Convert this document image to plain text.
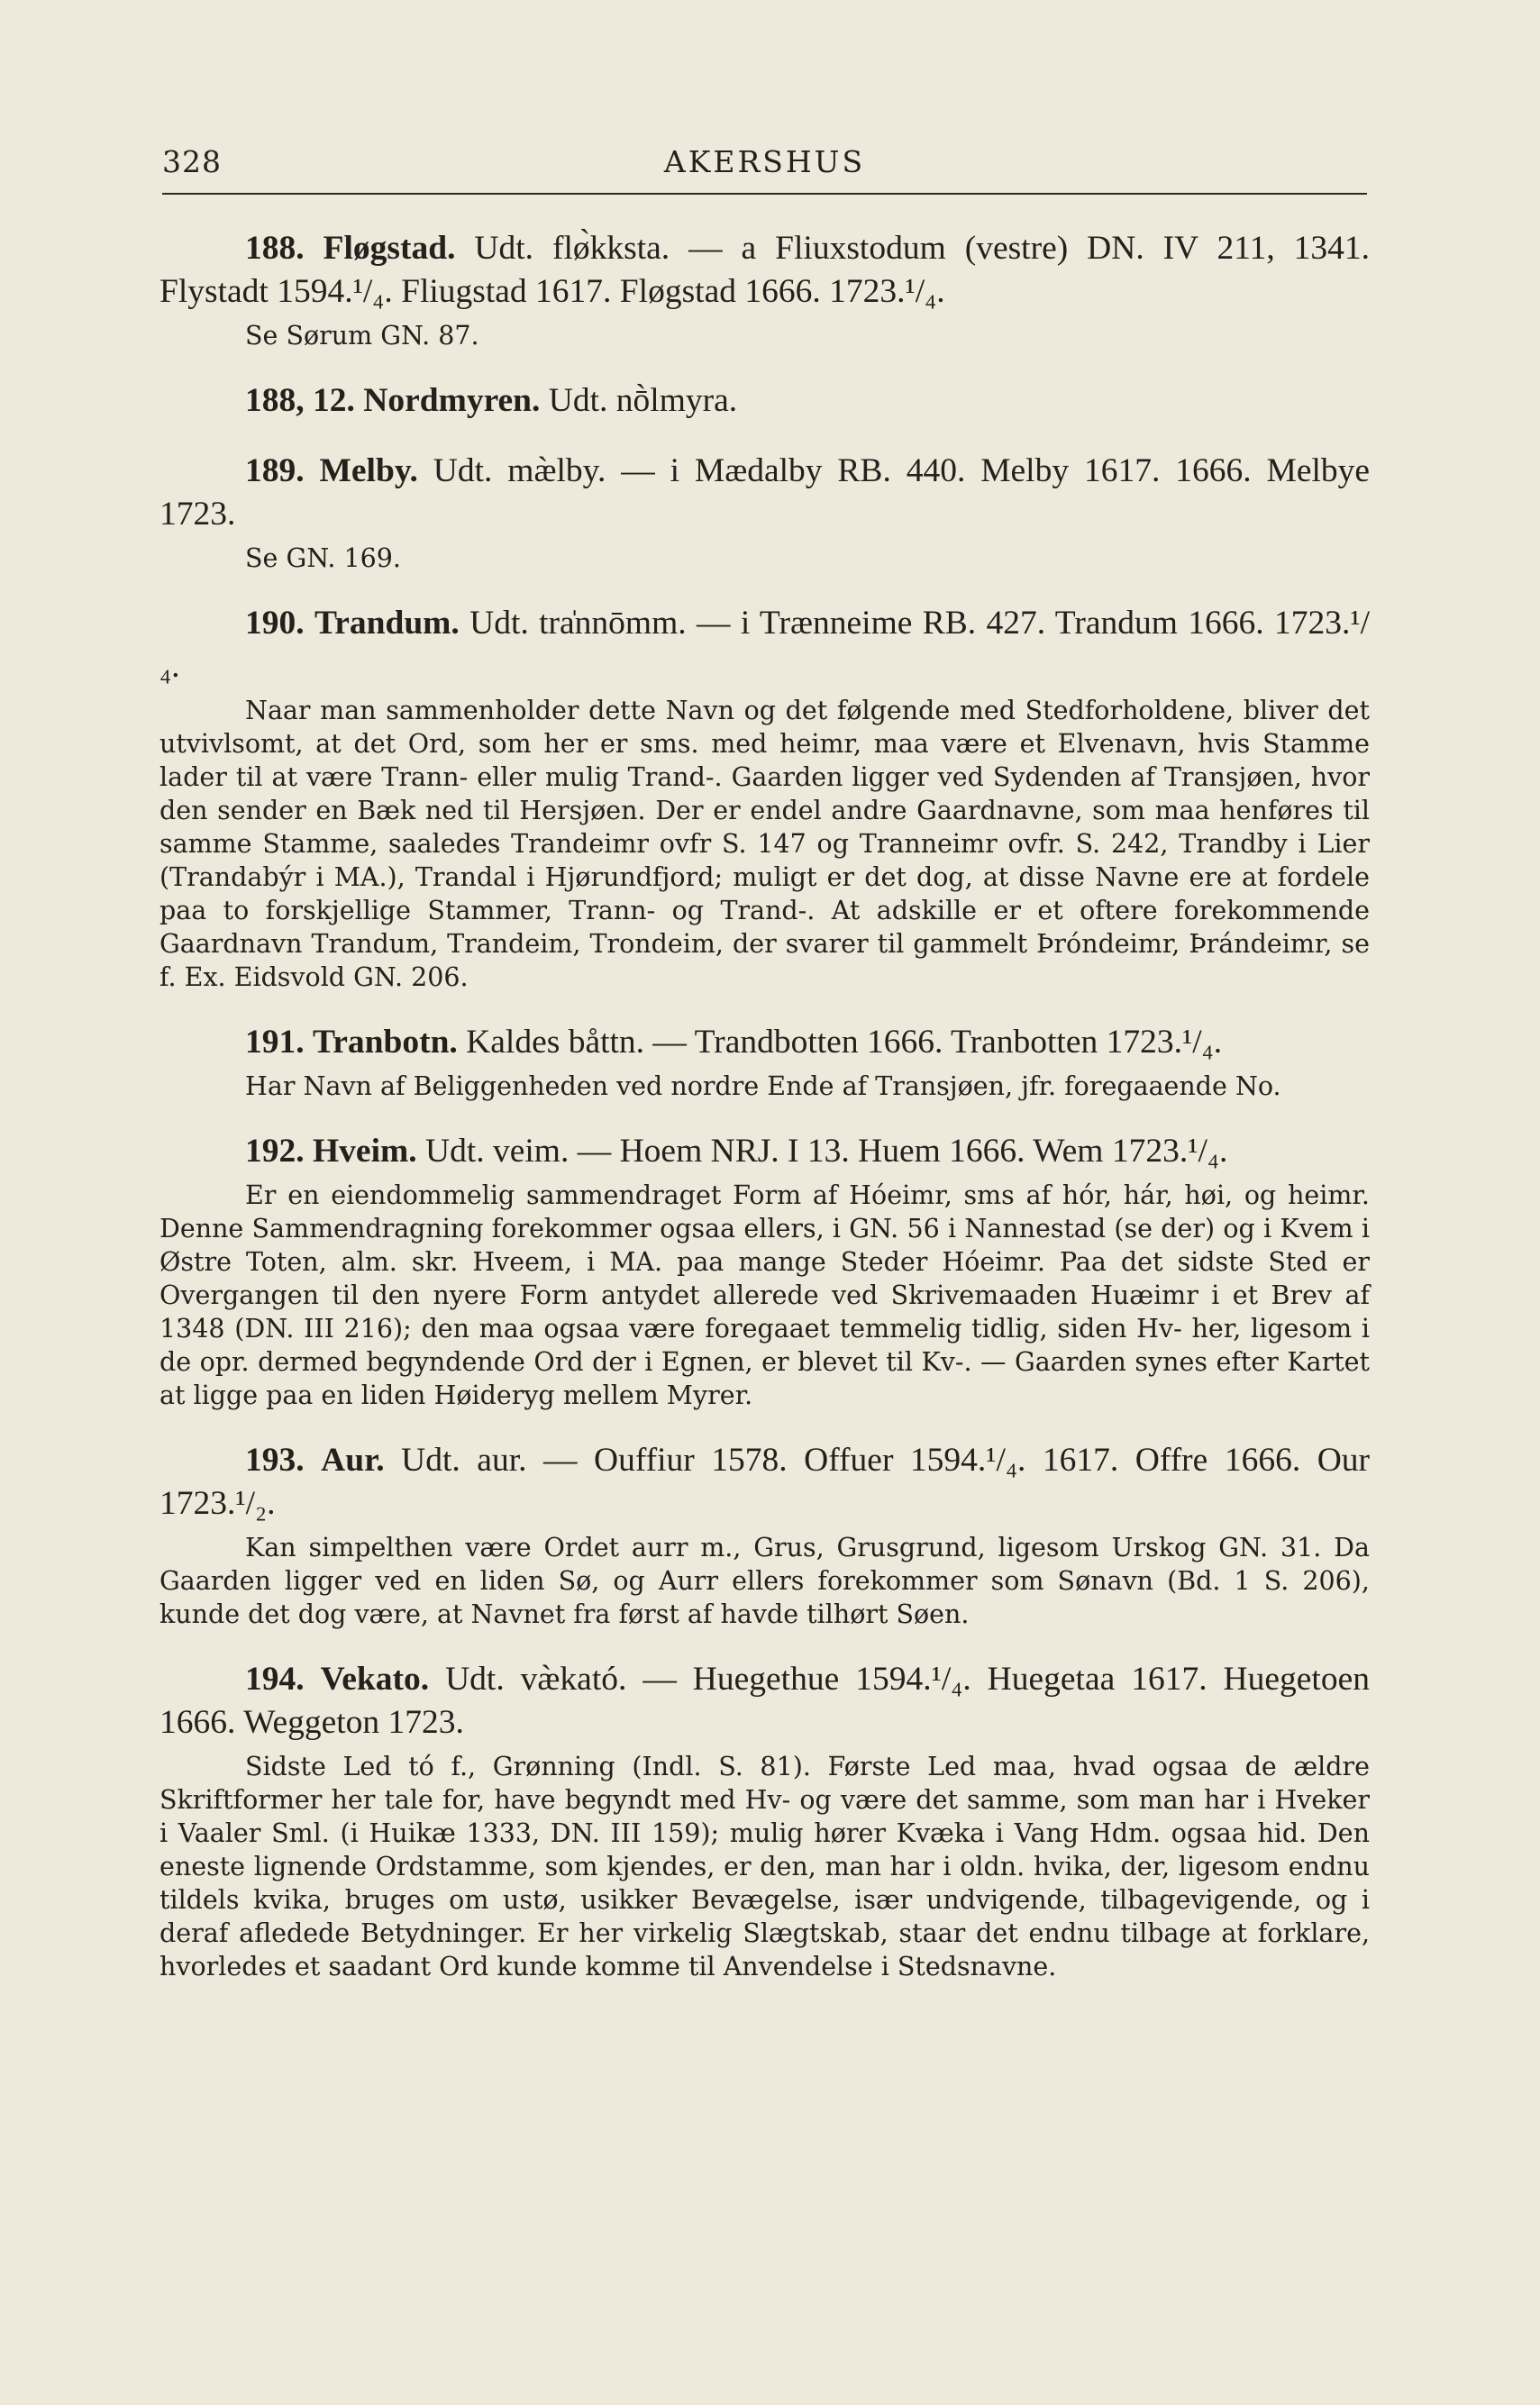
328	AKERSHUS

188. Fløgstad. Udt. flø̀kksta. — a Fliuxstodum (vestre) DN. IV 211, 1341. Flystadt 1594.¹/₄. Fliugstad 1617. Fløgstad 1666. 1723.¹/₄.

Se Sørum GN. 87.

188, 12. Nordmyren. Udt. nṑlmyra.

189. Melby. Udt. mæ̀lby. — i Mædalby RB. 440. Melby 1617. 1666. Melbye 1723.

Se GN. 169.

190. Trandum. Udt. tra̍nnōmm. — i Trænneime RB. 427. Trandum 1666. 1723.¹/₄.

Naar man sammenholder dette Navn og det følgende med Stedforholdene, bliver det utvivlsomt, at det Ord, som her er sms. med heimr, maa være et Elvenavn, hvis Stamme lader til at være Trann- eller mulig Trand-. Gaarden ligger ved Sydenden af Transjøen, hvor den sender en Bæk ned til Hersjøen. Der er endel andre Gaardnavne, som maa henføres til samme Stamme, saaledes Trandeimr ovfr S. 147 og Tranneimr ovfr. S. 242, Trandby i Lier (Trandabýr i MA.), Trandal i Hjørundfjord; muligt er det dog, at disse Navne ere at fordele paa to forskjellige Stammer, Trann- og Trand-. At adskille er et oftere forekommende Gaardnavn Trandum, Trandeim, Trondeim, der svarer til gammelt Þróndeimr, Þrándeimr, se f. Ex. Eidsvold GN. 206.

191. Tranbotn. Kaldes båttn. — Trandbotten 1666. Tranbotten 1723.¹/₄.

Har Navn af Beliggenheden ved nordre Ende af Transjøen, jfr. foregaaende No.

192. Hveim. Udt. veim. — Hoem NRJ. I 13. Huem 1666. Wem 1723.¹/₄.

Er en eiendommelig sammendraget Form af Hóeimr, sms af hór, hár, høi, og heimr. Denne Sammendragning forekommer ogsaa ellers, i GN. 56 i Nannestad (se der) og i Kvem i Østre Toten, alm. skr. Hveem, i MA. paa mange Steder Hóeimr. Paa det sidste Sted er Overgangen til den nyere Form antydet allerede ved Skrivemaaden Huæimr i et Brev af 1348 (DN. III 216); den maa ogsaa være foregaaet temmelig tidlig, siden Hv- her, ligesom i de opr. dermed begyndende Ord der i Egnen, er blevet til Kv-. — Gaarden synes efter Kartet at ligge paa en liden Høideryg mellem Myrer.

193. Aur. Udt. aur. — Ouffiur 1578. Offuer 1594.¹/₄. 1617. Offre 1666. Our 1723.¹/₂.

Kan simpelthen være Ordet aurr m., Grus, Grusgrund, ligesom Urskog GN. 31. Da Gaarden ligger ved en liden Sø, og Aurr ellers forekommer som Sønavn (Bd. 1 S. 206), kunde det dog være, at Navnet fra først af havde tilhørt Søen.

194. Vekato. Udt. væ̀kató. — Huegethue 1594.¹/₄. Huegetaa 1617. Huegetoen 1666. Weggeton 1723.

Sidste Led tó f., Grønning (Indl. S. 81). Første Led maa, hvad ogsaa de ældre Skriftformer her tale for, have begyndt med Hv- og være det samme, som man har i Hveker i Vaaler Sml. (i Huikæ 1333, DN. III 159); mulig hører Kvæka i Vang Hdm. ogsaa hid. Den eneste lignende Ordstamme, som kjendes, er den, man har i oldn. hvika, der, ligesom endnu tildels kvika, bruges om ustø, usikker Bevægelse, især undvigende, tilbagevigende, og i deraf afledede Betydninger. Er her virkelig Slægtskab, staar det endnu tilbage at forklare, hvorledes et saadant Ord kunde komme til Anvendelse i Stedsnavne.
